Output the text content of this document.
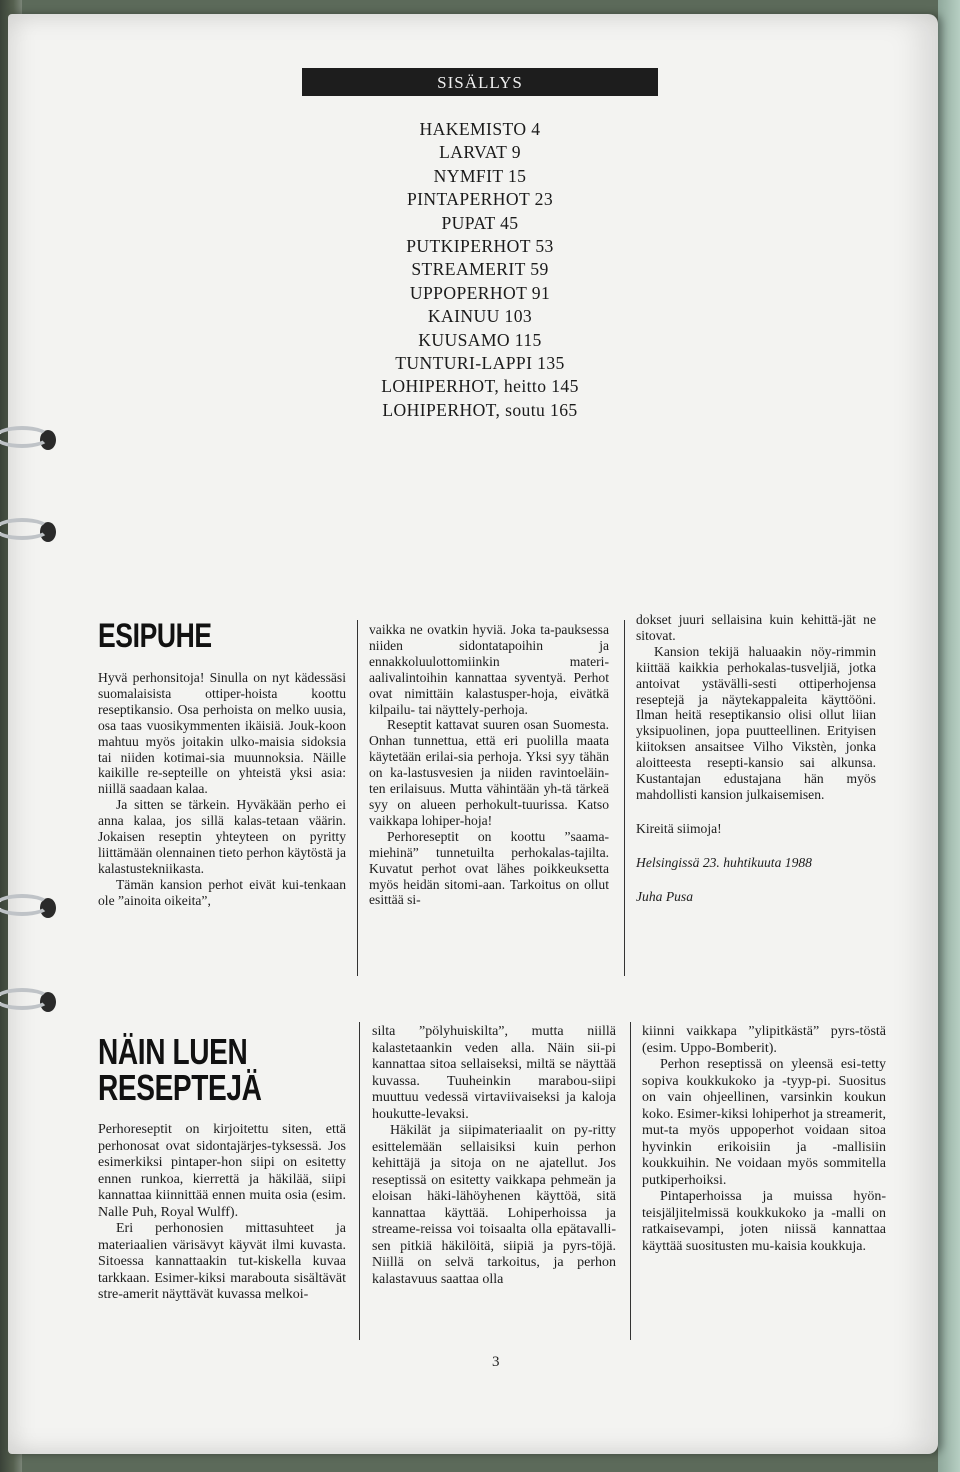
SISÄLLYS
HAKEMISTO 4
LARVAT 9
NYMFIT 15
PINTAPERHOT 23
PUPAT 45
PUTKIPERHOT 53
STREAMERIT 59
UPPOPERHOT 91
KAINUU 103
KUUSAMO 115
TUNTURI-LAPPI 135
LOHIPERHOT, heitto 145
LOHIPERHOT, soutu 165
ESIPUHE

Hyvä perhonsitoja! Sinulla on nyt kädessäsi suomalaisista ottiper-hoista koottu reseptikansio. Osa perhoista on melko uusia, osa taas vuosikymmenten ikäisiä. Jouk-koon mahtuu myös joitakin ulko-maisia sidoksia tai niiden kotimai-sia muunnoksia. Näille kaikille re-septeille on yhteistä yksi asia: niillä saadaan kalaa.

Ja sitten se tärkein. Hyväkään perho ei anna kalaa, jos sillä kalas-tetaan väärin. Jokaisen reseptin yhteyteen on pyritty liittämään olennainen tieto perhon käytöstä ja kalastustekniikasta.

Tämän kansion perhot eivät kui-tenkaan ole ”ainoita oikeita”,

vaikka ne ovatkin hyviä. Joka ta-pauksessa niiden sidontatapoihin ja ennakkoluulottomiinkin materi-aalivalintoihin kannattaa syventyä. Perhot ovat nimittäin kalastusper-hoja, eivätkä kilpailu- tai näyttely-perhoja.

Reseptit kattavat suuren osan Suomesta. Onhan tunnettua, että eri puolilla maata käytetään erilai-sia perhoja. Yksi syy tähän on ka-lastusvesien ja niiden ravintoeläin-ten erilaisuus. Mutta vähintään yh-tä tärkeä syy on alueen perhokult-tuurissa. Katso vaikkapa lohiper-hoja!

Perhoreseptit on koottu ”saama-miehinä” tunnetuilta perhokalas-tajilta. Kuvatut perhot ovat lähes poikkeuksetta myös heidän sitomi-aan. Tarkoitus on ollut esittää si-

dokset juuri sellaisina kuin kehittä-jät ne sitovat.

Kansion tekijä haluaakin nöy-rimmin kiittää kaikkia perhokalas-tusveljiä, jotka antoivat ystävälli-sesti ottiperhojensa reseptejä ja näytekappaleita käyttööni. Ilman heitä reseptikansio olisi ollut liian yksipuolinen, jopa puutteellinen. Erityisen kiitoksen ansaitsee Vilho Vikstèn, jonka aloitteesta resepti-kansio sai alkunsa. Kustantajan edustajana hän myös mahdollisti kansion julkaisemisen.

Kireitä siimoja!

Helsingissä 23. huhtikuuta 1988

Juha Pusa

NÄIN LUEN
RESEPTEJÄ

Perhoreseptit on kirjoitettu siten, että perhonosat ovat sidontajärjes-tyksessä. Jos esimerkiksi pintaper-hon siipi on esitetty ennen runkoa, kierrettä ja häkilää, siipi kannattaa kiinnittää ennen muita osia (esim. Nalle Puh, Royal Wulff).

Eri perhonosien mittasuhteet ja materiaalien värisävyt käyvät ilmi kuvasta. Sitoessa kannattaakin tut-kiskella kuvaa tarkkaan. Esimer-kiksi marabouta sisältävät stre-amerit näyttävät kuvassa melkoi-

silta ”pölyhuiskilta”, mutta niillä kalastetaankin veden alla. Näin sii-pi kannattaa sitoa sellaiseksi, miltä se näyttää kuvassa. Tuuheinkin marabou-siipi muuttuu vedessä virtaviivaiseksi ja kaloja houkutte-levaksi.

Häkilät ja siipimateriaalit on py-ritty esittelemään sellaisiksi kuin perhon kehittäjä ja sitoja on ne ajatellut. Jos reseptissä on esitetty vaikkapa pehmeän ja eloisan häki-lähöyhenen käyttöä, sitä kannattaa käyttää. Lohiperhoissa ja streame-reissa voi toisaalta olla epätavalli-sen pitkiä häkilöitä, siipiä ja pyrs-töjä. Niillä on selvä tarkoitus, ja perhon kalastavuus saattaa olla

kiinni vaikkapa ”ylipitkästä” pyrs-töstä (esim. Uppo-Bomberit).

Perhon reseptissä on yleensä esi-tetty sopiva koukkukoko ja -tyyp-pi. Suositus on vain ohjeellinen, varsinkin koukun koko. Esimer-kiksi lohiperhot ja streamerit, mut-ta myös uppoperhot voidaan sitoa hyvinkin erikoisiin ja -mallisiin koukkuihin. Ne voidaan myös sommitella putkiperhoiksi.

Pintaperhoissa ja muissa hyön-teisjäljitelmissä koukkukoko ja -malli on ratkaisevampi, joten niissä kannattaa käyttää suositusten mu-kaisia koukkuja.

3
